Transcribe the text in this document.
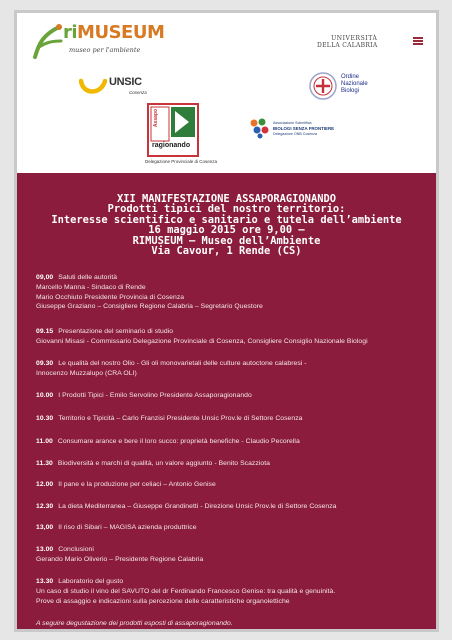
riMUSEUM
museo per l'ambiente
UNIVERSITÀ
DELLA CALABRIA
UNSIC
Cosenza
Ordine
Nazionale
Biologi
Assapo
ragionando
Delegazione Provinciale di Cosenza
Associazione Scientifica
BIOLOGI SENZA FRONTIERE
Delegazione ONB Cosenza
XII MANIFESTAZIONE ASSAPORAGIONANDO
Prodotti tipici del nostro territorio:
Interesse scientifico e sanitario e tutela dell’ambiente
16 maggio 2015 ore 9,00 –
RIMUSEUM – Museo dell’Ambiente
Via Cavour, 1 Rende (CS)
09,00 Saluti delle autorità
Marcello Manna - Sindaco di Rende
Mario Occhiuto Presidente Provincia di Cosenza
Giuseppe Graziano – Consigliere Regione Calabria – Segretario Questore
09.15 Presentazione del seminario di studio
Giovanni Misasi - Commissario Delegazione Provinciale di Cosenza, Consigliere Consiglio Nazionale Biologi
09.30 Le qualità del nostro Olio - Gli oli monovarietali delle culture autoctone calabresi -
Innocenzo Muzzalupo (CRA OLI)
10.00 I Prodotti Tipici - Emilo Servolino Presidente Assaporagionando
10.30 Territorio e Tipicità – Carlo Franzisi Presidente Unsic Prov.le di Settore Cosenza
11.00 Consumare arance e bere il loro succo: proprietà benefiche - Claudio Pecorella
11.30 Biodiversità e marchi di qualità, un valore aggiunto - Benito Scazziota
12.00 Il pane e la produzione per celiaci – Antonio Genise
12.30 La dieta Mediterranea – Giuseppe Grandinetti - Direzione Unsic Prov.le di Settore Cosenza
13,00 Il riso di Sibari – MAGISA azienda produttrice
13.00 Conclusioni
Gerando Mario Oliverio – Presidente Regione Calabria
13.30 Laboratorio del gusto
Un caso di studio il vino del SAVUTO del dr Ferdinando Francesco Genise: tra qualità e genuinità.
Prove di assaggio e indicazioni sulla percezione delle caratteristiche organolettiche
A seguire degustazione dei prodotti esposti di assaporagionando.
